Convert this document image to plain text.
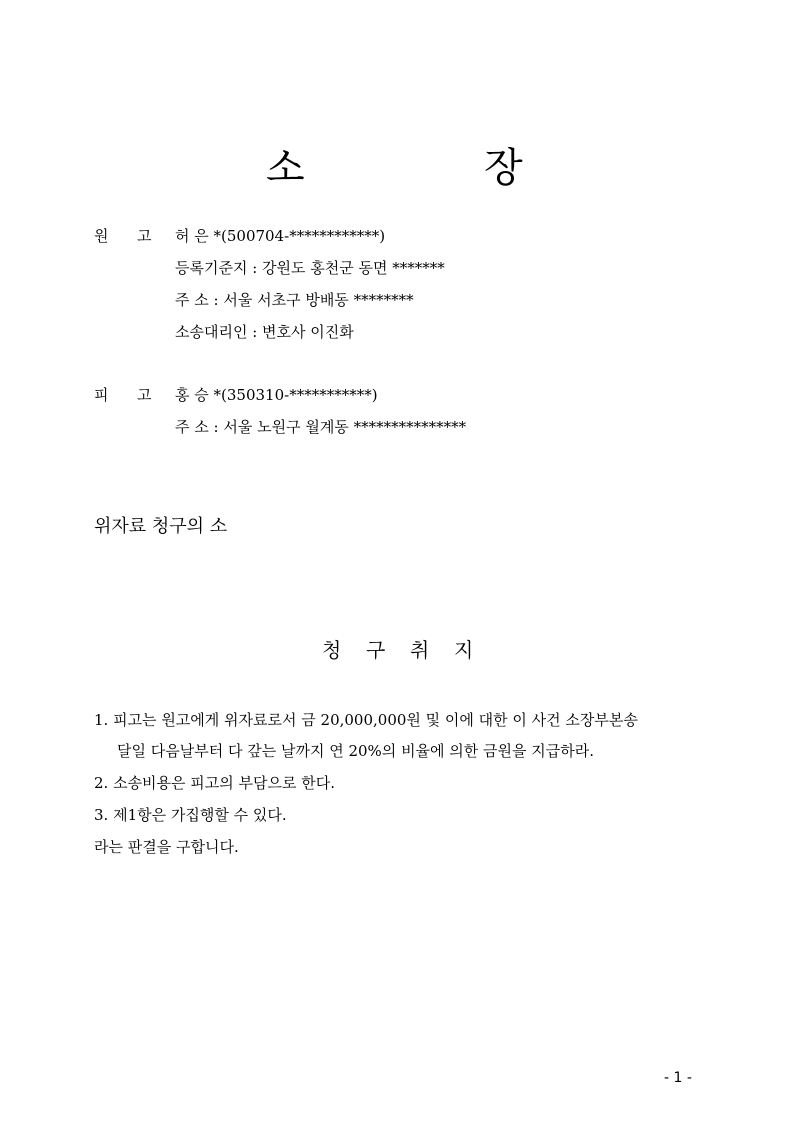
소	장
원 고 허 은 *(500704-************)
등록기준지 : 강원도 홍천군 동면 *******
주 소 : 서울 서초구 방배동 ********
소송대리인 : 변호사 이진화
피 고 홍 승 *(350310-***********)
주 소 : 서울 노원구 월계동 ***************
위자료 청구의 소
청 구 취 지
1. 피고는 원고에게 위자료로서 금 20,000,000원 및 이에 대한 이 사건 소장부본송
달일 다음날부터 다 갚는 날까지 연 20%의 비율에 의한 금원을 지급하라.
2. 소송비용은 피고의 부담으로 한다.
3. 제1항은 가집행할 수 있다.
라는 판결을 구합니다.
- 1 -
